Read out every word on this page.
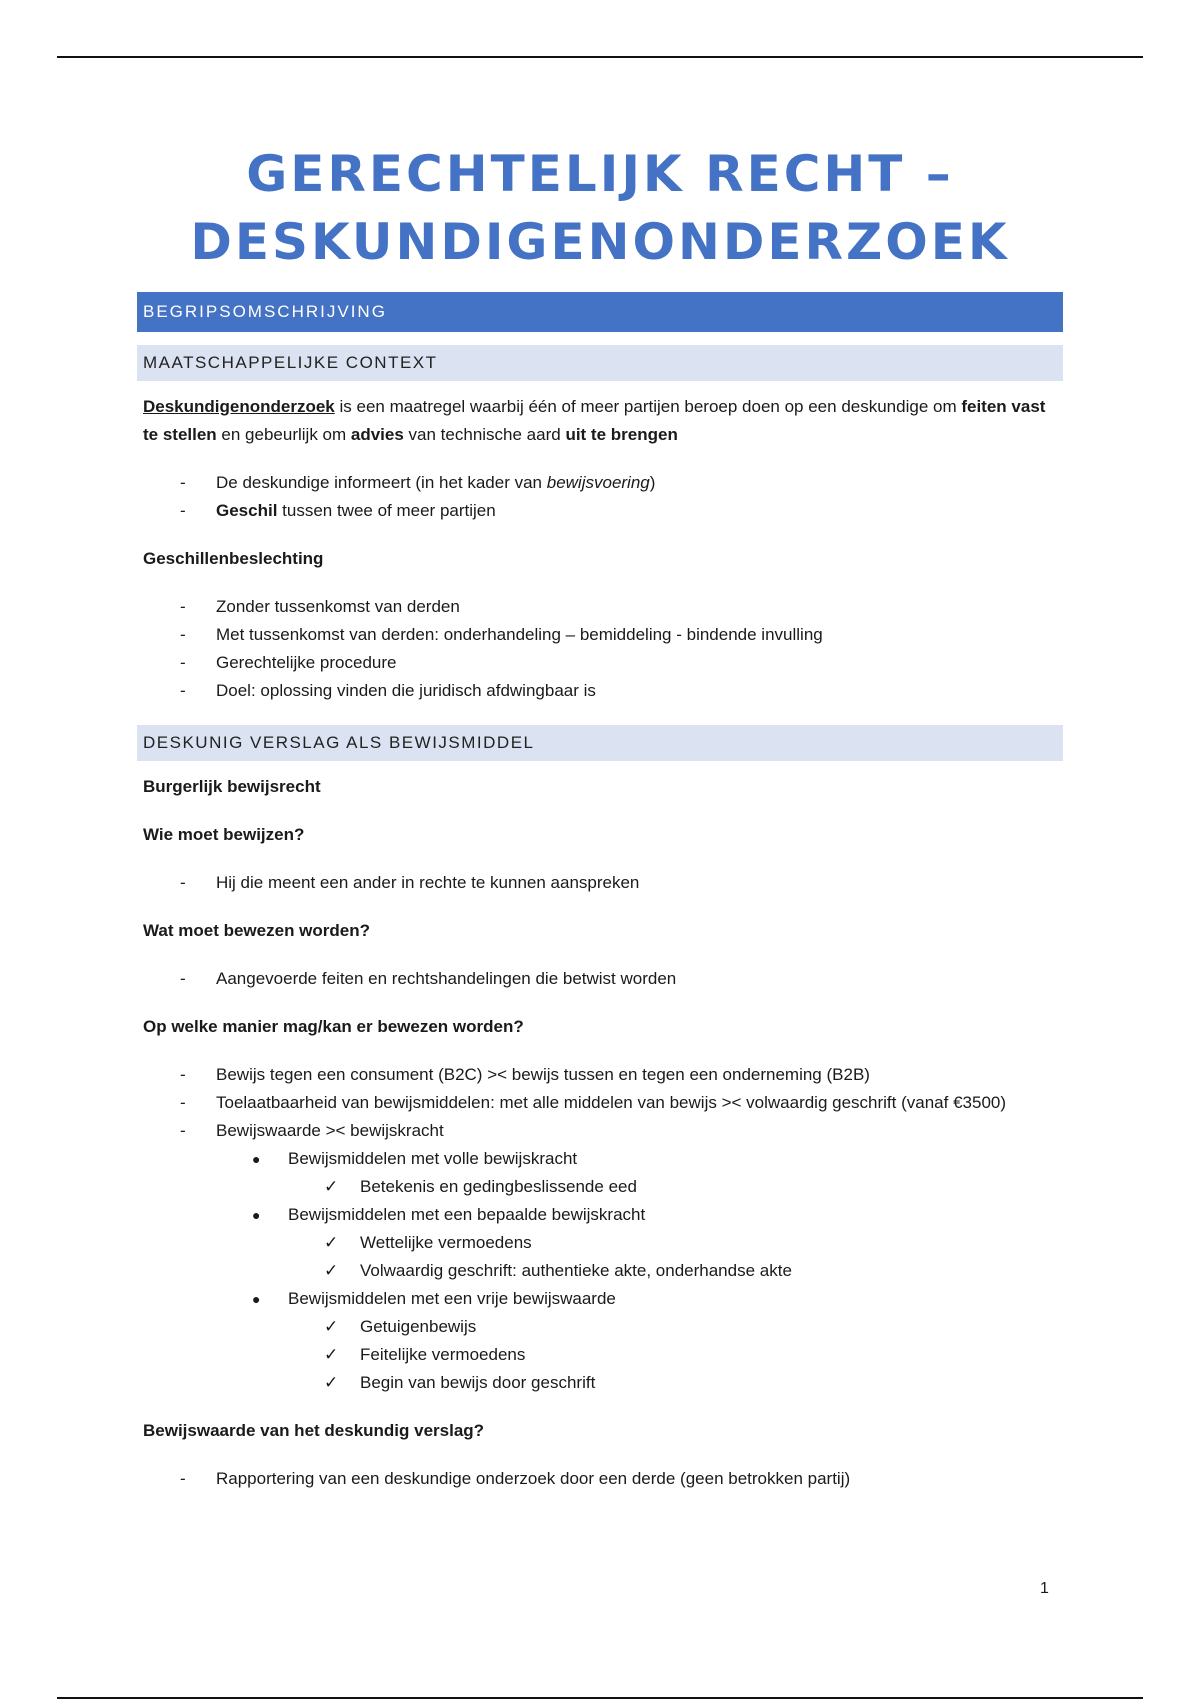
GERECHTELIJK RECHT –
DESKUNDIGENONDERZOEK
BEGRIPSOMSCHRIJVING
MAATSCHAPPELIJKE CONTEXT

Deskundigenonderzoek is een maatregel waarbij één of meer partijen beroep doen op een deskundige om feiten vast te stellen en gebeurlijk om advies van technische aard uit te brengen

- De deskundige informeert (in het kader van bewijsvoering)
- Geschil tussen twee of meer partijen

Geschillenbeslechting

- Zonder tussenkomst van derden
- Met tussenkomst van derden: onderhandeling – bemiddeling - bindende invulling
- Gerechtelijke procedure
- Doel: oplossing vinden die juridisch afdwingbaar is
DESKUNIG VERSLAG ALS BEWIJSMIDDEL

Burgerlijk bewijsrecht

Wie moet bewijzen?

- Hij die meent een ander in rechte te kunnen aanspreken

Wat moet bewezen worden?

- Aangevoerde feiten en rechtshandelingen die betwist worden

Op welke manier mag/kan er bewezen worden?

- Bewijs tegen een consument (B2C) >< bewijs tussen en tegen een onderneming (B2B)
- Toelaatbaarheid van bewijsmiddelen: met alle middelen van bewijs >< volwaardig geschrift (vanaf €3500)
- Bewijswaarde >< bewijskracht
● Bewijsmiddelen met volle bewijskracht
✓ Betekenis en gedingbeslissende eed
● Bewijsmiddelen met een bepaalde bewijskracht
✓ Wettelijke vermoedens
✓ Volwaardig geschrift: authentieke akte, onderhandse akte
● Bewijsmiddelen met een vrije bewijswaarde
✓ Getuigenbewijs
✓ Feitelijke vermoedens
✓ Begin van bewijs door geschrift

Bewijswaarde van het deskundig verslag?

- Rapportering van een deskundige onderzoek door een derde (geen betrokken partij)
1
